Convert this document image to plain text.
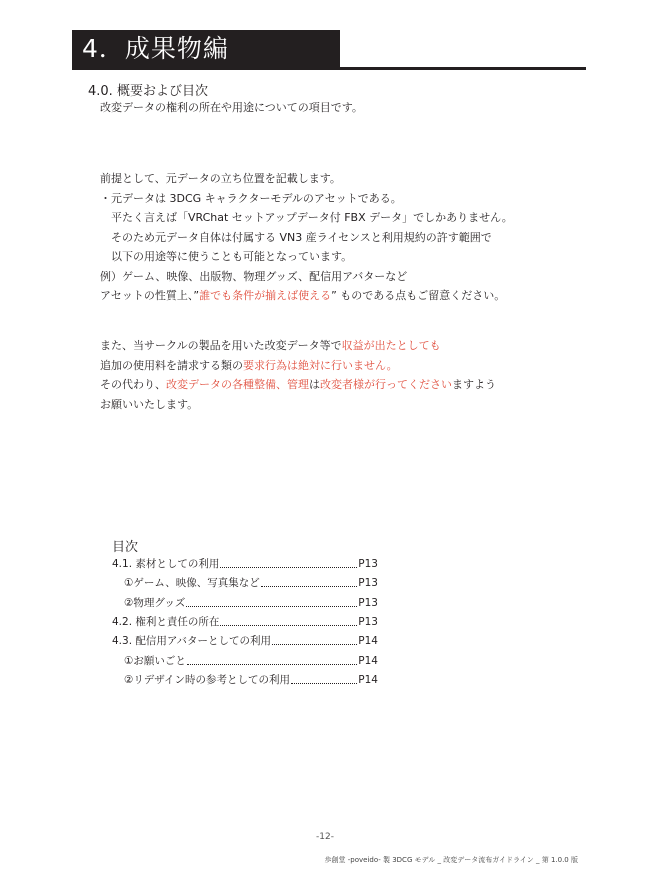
4．成果物編
4.0. 概要および目次
改変データの権利の所在や用途についての項目です。
前提として、元データの立ち位置を記載します。
・元データは 3DCG キャラクターモデルのアセットである。
　平たく言えば「VRChat セットアップデータ付 FBX データ」でしかありません。
　そのため元データ自体は付属する VN3 産ライセンスと利用規約の許す範囲で
　以下の用途等に使うことも可能となっています。
例）ゲーム、映像、出版物、物理グッズ、配信用アバターなど
アセットの性質上、”誰でも条件が揃えば使える” ものである点もご留意ください。
また、当サークルの製品を用いた改変データ等で収益が出たとしても
追加の使用料を請求する類の要求行為は絶対に行いません。
その代わり、改変データの各種整備、管理は改変者様が行ってくださいますよう
お願いいたします。
目次
4.1. 素材としての利用	P13
①ゲーム、映像、写真集など	P13
②物理グッズ	P13
4.2. 権利と責任の所在	P13
4.3. 配信用アバターとしての利用	P14
①お願いごと	P14
②リデザイン時の参考としての利用	P14
-12-
歩創堂 -poveido- 製 3DCG モデル _ 改変データ流布ガイドライン _ 第 1.0.0 版
